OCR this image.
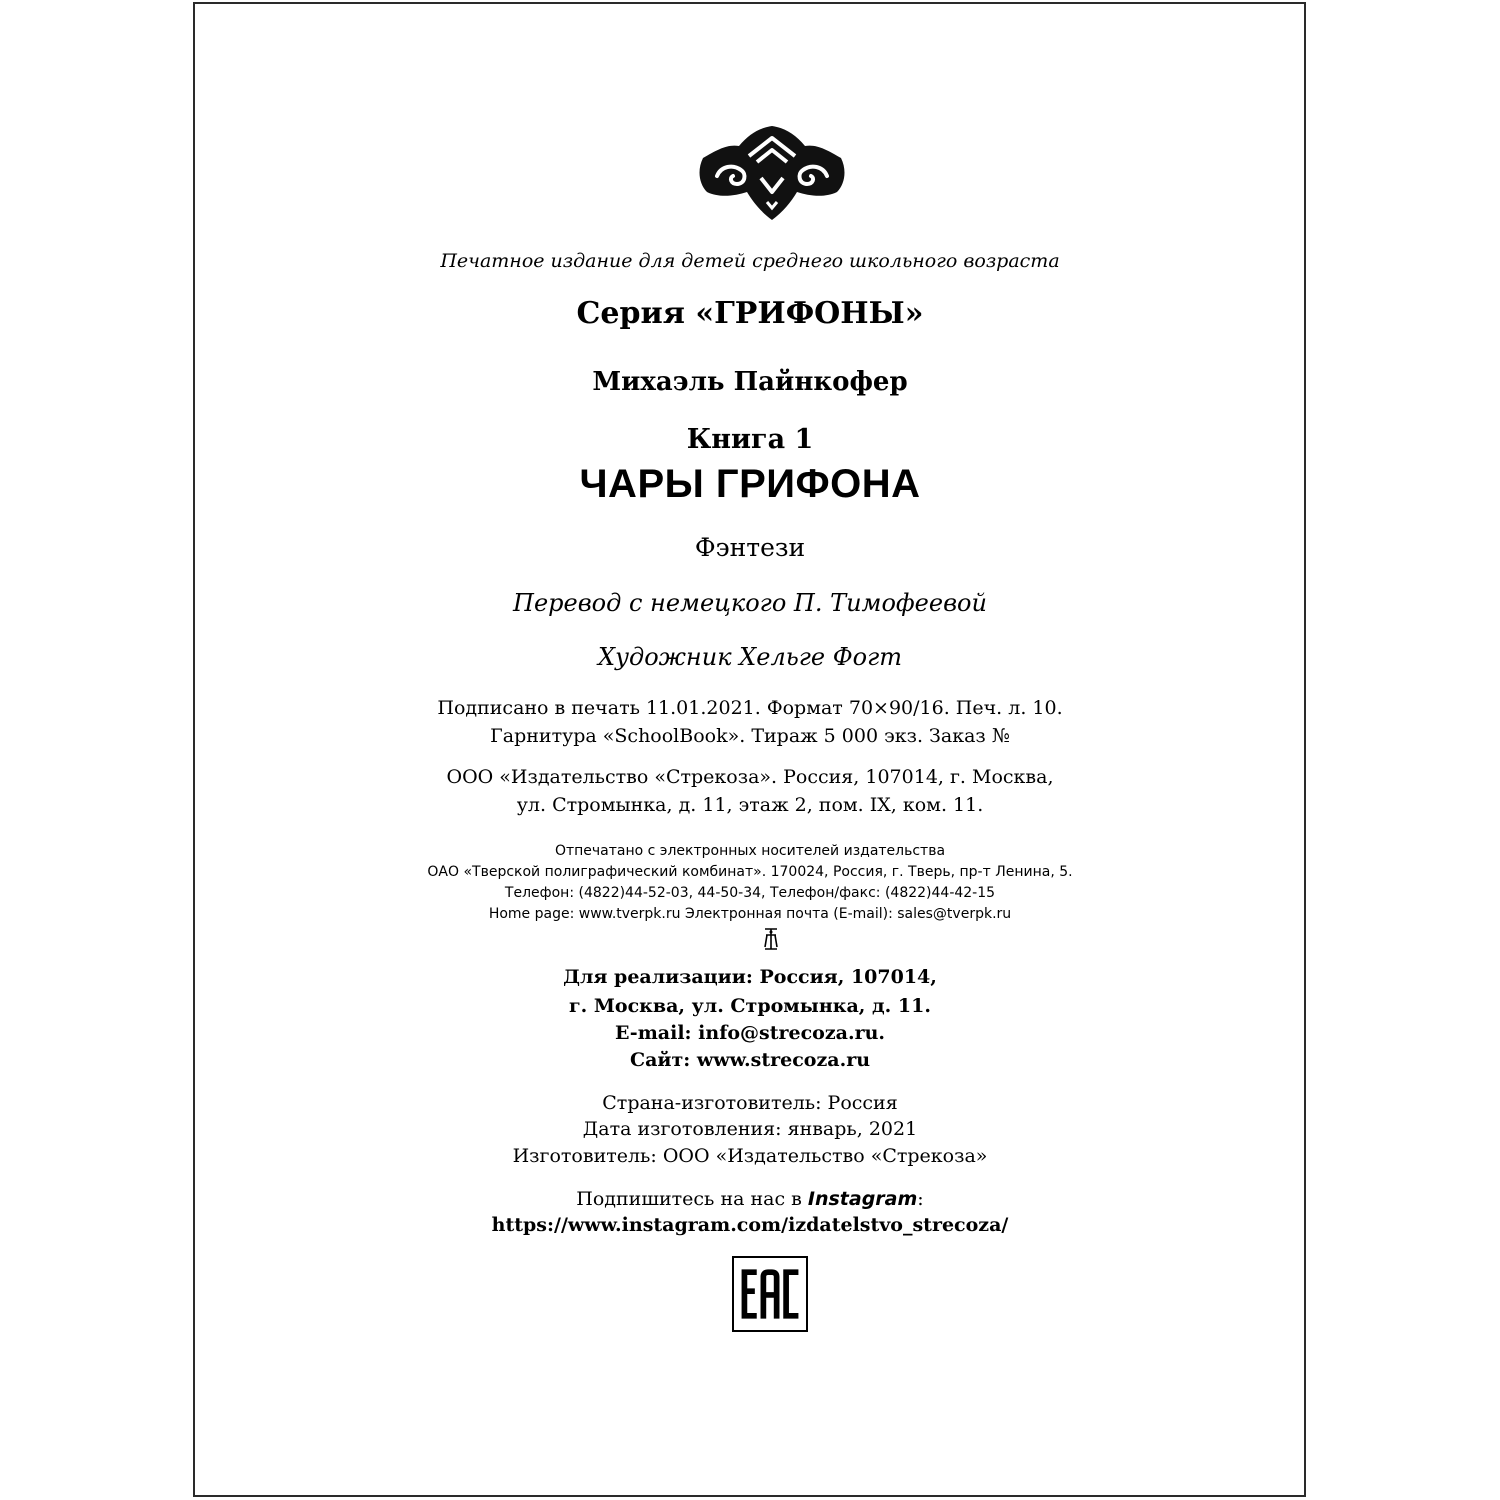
Печатное издание для детей среднего школьного возраста
Серия «ГРИФОНЫ»
Михаэль Пайнкофер
Книга 1
ЧАРЫ ГРИФОНА
Фэнтези
Перевод с немецкого П. Тимофеевой
Художник Хельге Фогт
Подписано в печать 11.01.2021. Формат 70×90/16. Печ. л. 10.
Гарнитура «SchoolBook». Тираж 5 000 экз. Заказ №
ООО «Издательство «Стрекоза». Россия, 107014, г. Москва,
ул. Стромынка, д. 11, этаж 2, пом. IX, ком. 11.
Отпечатано с электронных носителей издательства
ОАО «Тверской полиграфический комбинат». 170024, Россия, г. Тверь, пр-т Ленина, 5.
Телефон: (4822)44-52-03, 44-50-34, Телефон/факс: (4822)44-42-15
Home page: www.tverpk.ru Электронная почта (E-mail): sales@tverpk.ru
Для реализации: Россия, 107014,
г. Москва, ул. Стромынка, д. 11.
E-mail: info@strecoza.ru.
Сайт: www.strecoza.ru
Страна-изготовитель: Россия
Дата изготовления: январь, 2021
Изготовитель: ООО «Издательство «Стрекоза»
Подпишитесь на нас в Instagram:
https://www.instagram.com/izdatelstvo_strecoza/
